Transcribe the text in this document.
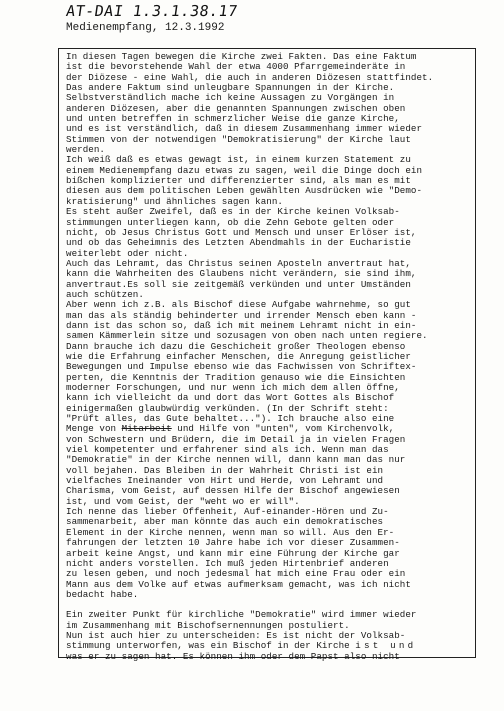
AT-DAI 1.3.1.38.17
Medienempfang, 12.3.1992
In diesen Tagen bewegen die Kirche zwei Fakten. Das eine Faktum
ist die bevorstehende Wahl der etwa 4000 Pfarrgemeinderäte in
der Diözese - eine Wahl, die auch in anderen Diözesen stattfindet.
Das andere Faktum sind unleugbare Spannungen in der Kirche.
Selbstverständlich mache ich keine Aussagen zu Vorgängen in
anderen Diözesen, aber die genannten Spannungen zwischen oben
und unten betreffen in schmerzlicher Weise die ganze Kirche,
und es ist verständlich, daß in diesem Zusammenhang immer wieder
Stimmen von der notwendigen "Demokratisierung" der Kirche laut
werden.
Ich weiß daß es etwas gewagt ist, in einem kurzen Statement zu
einem Medienempfang dazu etwas zu sagen, weil die Dinge doch ein
bißchen komplizierter und differenzierter sind, als man es mit
diesen aus dem politischen Leben gewählten Ausdrücken wie "Demo-
kratisierung" und ähnliches sagen kann.
Es steht außer Zweifel, daß es in der Kirche keinen Volksab-
stimmungen unterliegen kann, ob die Zehn Gebote gelten oder
nicht, ob Jesus Christus Gott und Mensch und unser Erlöser ist,
und ob das Geheimnis des Letzten Abendmahls in der Eucharistie
weiterlebt oder nicht.
Auch das Lehramt, das Christus seinen Aposteln anvertraut hat,
kann die Wahrheiten des Glaubens nicht verändern, sie sind ihm,
anvertraut.Es soll sie zeitgemäß verkünden und unter Umständen
auch schützen.
Aber wenn ich z.B. als Bischof diese Aufgabe wahrnehme, so gut
man das als ständig behinderter und irrender Mensch eben kann -
dann ist das schon so, daß ich mit meinem Lehramt nicht in ein-
samen Kämmerlein sitze und sozusagen von oben nach unten regiere.
Dann brauche ich dazu die Geschicheit großer Theologen ebenso
wie die Erfahrung einfacher Menschen, die Anregung geistlicher
Bewegungen und Impulse ebenso wie das Fachwissen von Schriftex-
perten, die Kenntnis der Tradition genauso wie die Einsichten
moderner Forschungen, und nur wenn ich mich dem allen öffne,
kann ich vielleicht da und dort das Wort Gottes als Bischof
einigermaßen glaubwürdig verkünden. (In der Schrift steht:
"Prüft alles, das Gute behaltet..."). Ich brauche also eine
Menge von Mitarbeit und Hilfe von "unten", vom Kirchenvolk,
von Schwestern und Brüdern, die im Detail ja in vielen Fragen
viel kompetenter und erfahrener sind als ich. Wenn man das
"Demokratie" in der Kirche nennen will, dann kann man das nur
voll bejahen. Das Bleiben in der Wahrheit Christi ist ein
vielfaches Ineinander von Hirt und Herde, von Lehramt und
Charisma, vom Geist, auf dessen Hilfe der Bischof angewiesen
ist, und vom Geist, der "weht wo er will".
Ich nenne das lieber Offenheit, Auf-einander-Hören und Zu-
sammenarbeit, aber man könnte das auch ein demokratisches
Element in der Kirche nennen, wenn man so will. Aus den Er-
fahrungen der letzten 10 Jahre habe ich vor dieser Zusammen-
arbeit keine Angst, und kann mir eine Führung der Kirche gar
nicht anders vorstellen. Ich muß jeden Hirtenbrief anderen
zu lesen geben, und noch jedesmal hat mich eine Frau oder ein
Mann aus dem Volke auf etwas aufmerksam gemacht, was ich nicht
bedacht habe.
Ein zweiter Punkt für kirchliche "Demokratie" wird immer wieder
im Zusammenhang mit Bischofsernennungen postuliert.
Nun ist auch hier zu unterscheiden: Es ist nicht der Volksab-
stimmung unterworfen, was ein Bischof in der Kirche ist und
was er zu sagen hat. Es können ihm oder dem Papst also nicht
